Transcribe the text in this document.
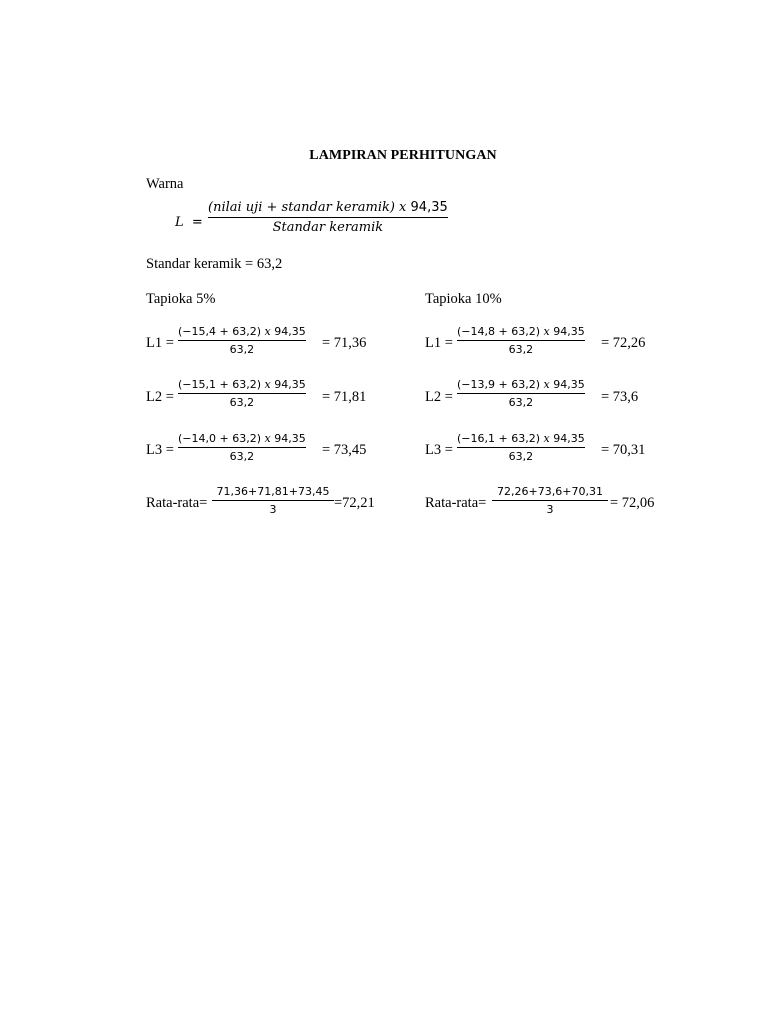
LAMPIRAN PERHITUNGAN
Warna
L =
(nilai uji + standar keramik) x 94,35
Standar keramik
Standar keramik = 63,2
Tapioka 5%
L1 =
(−15,4 + 63,2) x 94,35
63,2	= 71,36
L2 =
(−15,1 + 63,2) x 94,35
63,2	= 71,81
L3 =
(−14,0 + 63,2) x 94,35
63,2	= 73,45
Rata-rata=
71,36+71,81+73,45
3	=72,21
Tapioka 10%
L1 =
(−14,8 + 63,2) x 94,35
63,2	= 72,26
L2 =
(−13,9 + 63,2) x 94,35
63,2	= 73,6
L3 =
(−16,1 + 63,2) x 94,35
63,2	= 70,31
Rata-rata=
72,26+73,6+70,31
3	= 72,06
